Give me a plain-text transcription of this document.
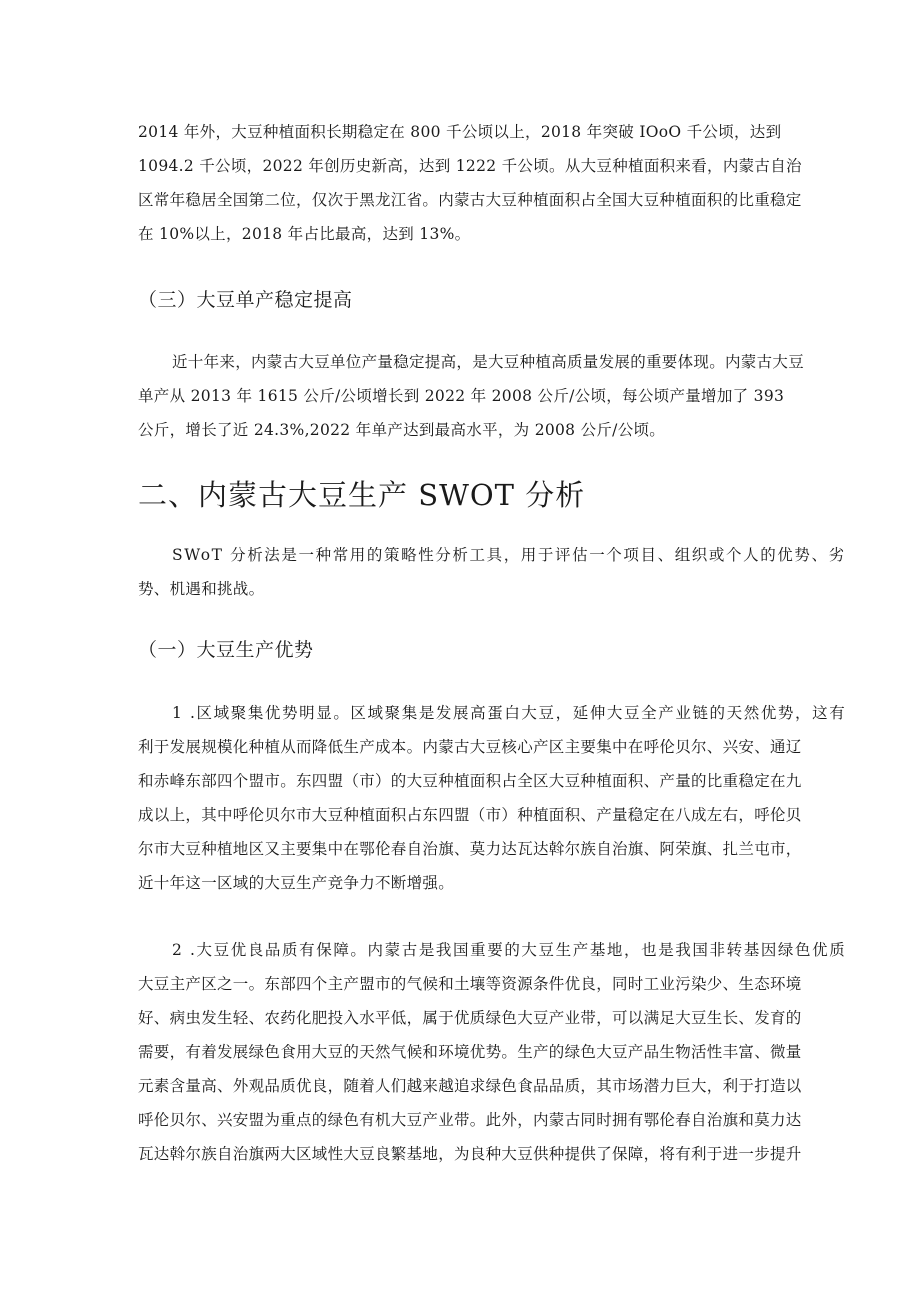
2014 年外，大豆种植面积长期稳定在 800 千公顷以上，2018 年突破 IOoO 千公顷，达到
1094.2 千公顷，2022 年创历史新高，达到 1222 千公顷。从大豆种植面积来看，内蒙古自治
区常年稳居全国第二位，仅次于黑龙江省。内蒙古大豆种植面积占全国大豆种植面积的比重稳定
在 10%以上，2018 年占比最高，达到 13%。
（三）大豆单产稳定提高
近十年来，内蒙古大豆单位产量稳定提高，是大豆种植高质量发展的重要体现。内蒙古大豆
单产从 2013 年 1615 公斤/公顷增长到 2022 年 2008 公斤/公顷，每公顷产量增加了 393
公斤，增长了近 24.3%,2022 年单产达到最高水平，为 2008 公斤/公顷。
二、内蒙古大豆生产 SWOT 分析
SWoT 分析法是一种常用的策略性分析工具，用于评估一个项目、组织或个人的优势、劣
势、机遇和挑战。
（一）大豆生产优势
1 .区域聚集优势明显。区域聚集是发展高蛋白大豆，延伸大豆全产业链的天然优势，这有
利于发展规模化种植从而降低生产成本。内蒙古大豆核心产区主要集中在呼伦贝尔、兴安、通辽
和赤峰东部四个盟市。东四盟（市）的大豆种植面积占全区大豆种植面积、产量的比重稳定在九
成以上，其中呼伦贝尔市大豆种植面积占东四盟（市）种植面积、产量稳定在八成左右，呼伦贝
尔市大豆种植地区又主要集中在鄂伦春自治旗、莫力达瓦达斡尔族自治旗、阿荣旗、扎兰屯市，
近十年这一区域的大豆生产竞争力不断增强。
2 .大豆优良品质有保障。内蒙古是我国重要的大豆生产基地，也是我国非转基因绿色优质
大豆主产区之一。东部四个主产盟市的气候和土壤等资源条件优良，同时工业污染少、生态环境
好、病虫发生轻、农药化肥投入水平低，属于优质绿色大豆产业带，可以满足大豆生长、发育的
需要，有着发展绿色食用大豆的天然气候和环境优势。生产的绿色大豆产品生物活性丰富、微量
元素含量高、外观品质优良，随着人们越来越追求绿色食品品质，其市场潜力巨大，利于打造以
呼伦贝尔、兴安盟为重点的绿色有机大豆产业带。此外，内蒙古同时拥有鄂伦春自治旗和莫力达
瓦达斡尔族自治旗两大区域性大豆良繁基地，为良种大豆供种提供了保障，将有利于进一步提升
